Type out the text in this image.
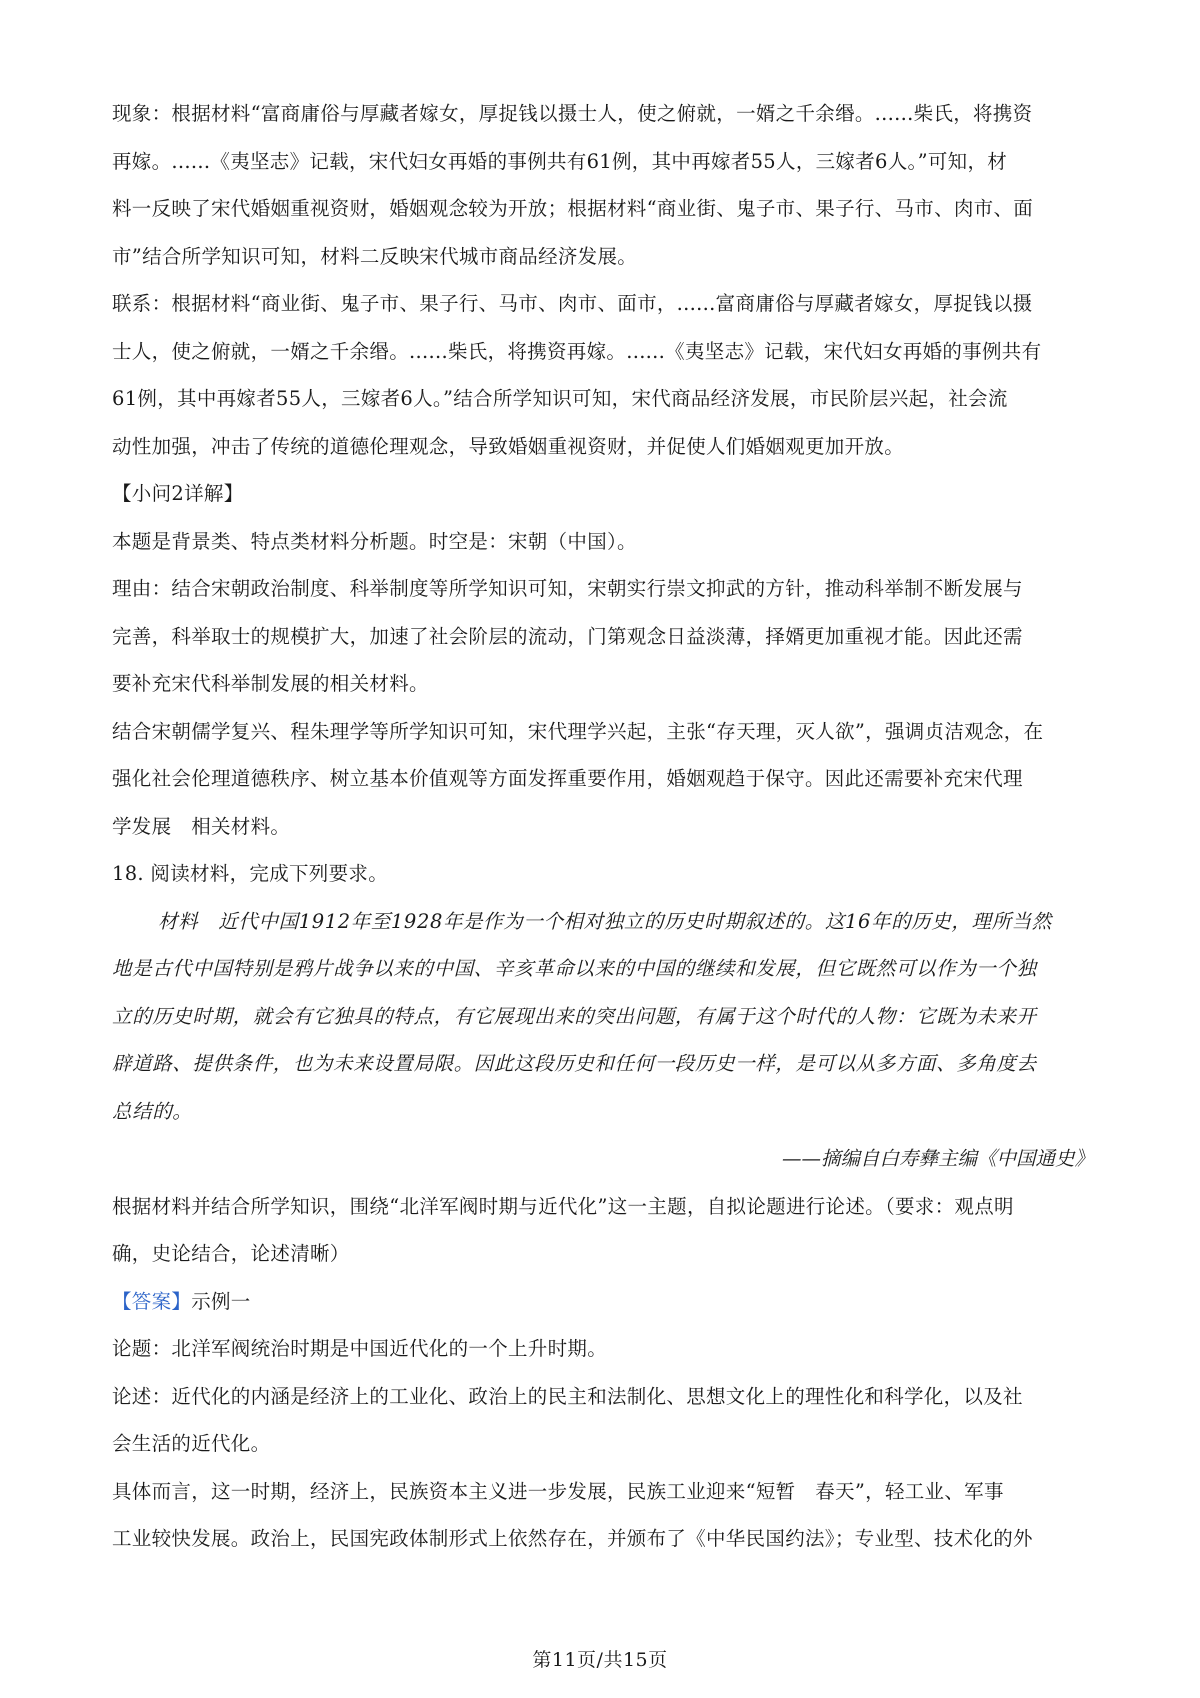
现象：根据材料“富商庸俗与厚藏者嫁女，厚捉钱以摄士人，使之俯就，一婿之千余缗。......柴氏，将携资
再嫁。......《夷坚志》记载，宋代妇女再婚的事例共有61例，其中再嫁者55人，三嫁者6人。”可知，材
料一反映了宋代婚姻重视资财，婚姻观念较为开放；根据材料“商业街、鬼子市、果子行、马市、肉市、面
市”结合所学知识可知，材料二反映宋代城市商品经济发展。

联系：根据材料“商业街、鬼子市、果子行、马市、肉市、面市，......富商庸俗与厚藏者嫁女，厚捉钱以摄
士人，使之俯就，一婿之千余缗。......柴氏，将携资再嫁。......《夷坚志》记载，宋代妇女再婚的事例共有
61例，其中再嫁者55人，三嫁者6人。”结合所学知识可知，宋代商品经济发展，市民阶层兴起，社会流
动性加强，冲击了传统的道德伦理观念，导致婚姻重视资财，并促使人们婚姻观更加开放。

【小问2详解】

本题是背景类、特点类材料分析题。时空是：宋朝（中国）。

理由：结合宋朝政治制度、科举制度等所学知识可知，宋朝实行崇文抑武的方针，推动科举制不断发展与
完善，科举取士的规模扩大，加速了社会阶层的流动，门第观念日益淡薄，择婿更加重视才能。因此还需
要补充宋代科举制发展的相关材料。

结合宋朝儒学复兴、程朱理学等所学知识可知，宋代理学兴起，主张“存天理，灭人欲”，强调贞洁观念，在
强化社会伦理道德秩序、树立基本价值观等方面发挥重要作用，婚姻观趋于保守。因此还需要补充宋代理
学发展　相关材料。

18. 阅读材料，完成下列要求。

材料　近代中国1912年至1928年是作为一个相对独立的历史时期叙述的。这16年的历史，理所当然
地是古代中国特别是鸦片战争以来的中国、辛亥革命以来的中国的继续和发展，但它既然可以作为一个独
立的历史时期，就会有它独具的特点，有它展现出来的突出问题，有属于这个时代的人物：它既为未来开
辟道路、提供条件，也为未来设置局限。因此这段历史和任何一段历史一样，是可以从多方面、多角度去
总结的。

——摘编自白寿彝主编《中国通史》

根据材料并结合所学知识，围绕“北洋军阀时期与近代化”这一主题，自拟论题进行论述。（要求：观点明
确，史论结合，论述清晰）

【答案】示例一

论题：北洋军阀统治时期是中国近代化的一个上升时期。

论述：近代化的内涵是经济上的工业化、政治上的民主和法制化、思想文化上的理性化和科学化，以及社
会生活的近代化。

具体而言，这一时期，经济上，民族资本主义进一步发展，民族工业迎来“短暂　春天”，轻工业、军事
工业较快发展。政治上，民国宪政体制形式上依然存在，并颁布了《中华民国约法》；专业型、技术化的外

第11页/共15页
